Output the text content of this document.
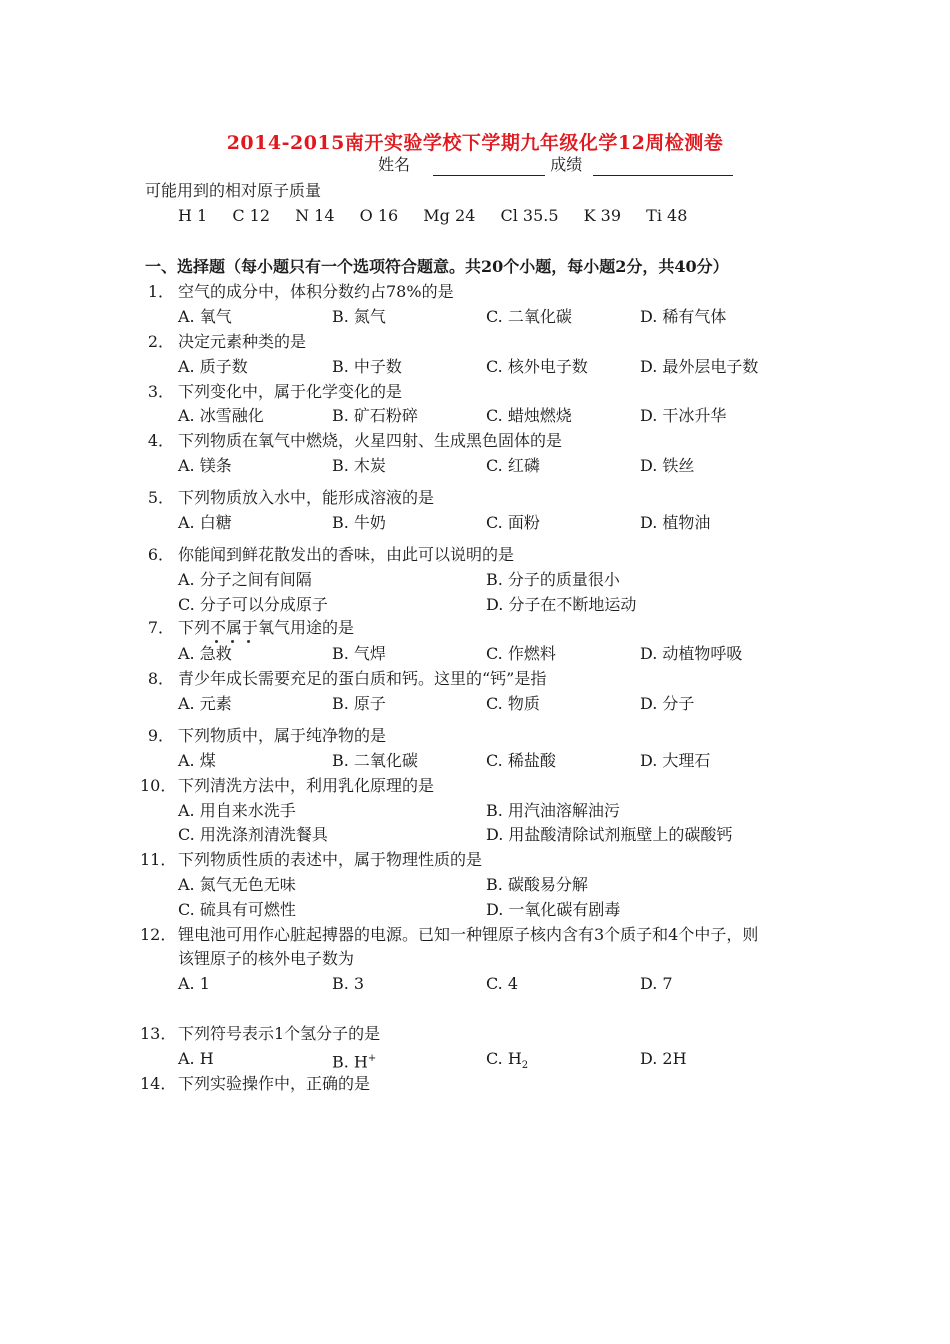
2014-2015南开实验学校下学期九年级化学12周检测卷
姓名	成绩
可能用到的相对原子质量
H 1 C 12 N 14 O 16 Mg 24 Cl 35.5 K 39 Ti 48
一、选择题（每小题只有一个选项符合题意。共20个小题，每小题2分，共40分）
1． 空气的成分中，体积分数约占78%的是
A. 氧气	B. 氮气	C. 二氧化碳	D. 稀有气体
2． 决定元素种类的是
A. 质子数	B. 中子数	C. 核外电子数	D. 最外层电子数
3． 下列变化中，属于化学变化的是
A. 冰雪融化	B. 矿石粉碎	C. 蜡烛燃烧	D. 干冰升华
4． 下列物质在氧气中燃烧，火星四射、生成黑色固体的是
A. 镁条	B. 木炭	C. 红磷	D. 铁丝
5． 下列物质放入水中，能形成溶液的是
A. 白糖	B. 牛奶	C. 面粉	D. 植物油
6． 你能闻到鲜花散发出的香味，由此可以说明的是
A. 分子之间有间隔	B. 分子的质量很小
C. 分子可以分成原子	D. 分子在不断地运动
7． 下列不属于氧气用途的是
A. 急救	B. 气焊	C. 作燃料	D. 动植物呼吸
8． 青少年成长需要充足的蛋白质和钙。这里的“钙”是指
A. 元素	B. 原子	C. 物质	D. 分子
9． 下列物质中，属于纯净物的是
A. 煤	B. 二氧化碳	C. 稀盐酸	D. 大理石
10． 下列清洗方法中，利用乳化原理的是
A. 用自来水洗手	B. 用汽油溶解油污
C. 用洗涤剂清洗餐具	D. 用盐酸清除试剂瓶壁上的碳酸钙
11． 下列物质性质的表述中，属于物理性质的是
A. 氮气无色无味	B. 碳酸易分解
C. 硫具有可燃性	D. 一氧化碳有剧毒
12． 锂电池可用作心脏起搏器的电源。已知一种锂原子核内含有3个质子和4个中子，则
该锂原子的核外电子数为
A. 1	B. 3	C. 4	D. 7
13． 下列符号表示1个氢分子的是
A. H	B. H+	C. $H_2$	D. 2H
14． 下列实验操作中，正确的是
